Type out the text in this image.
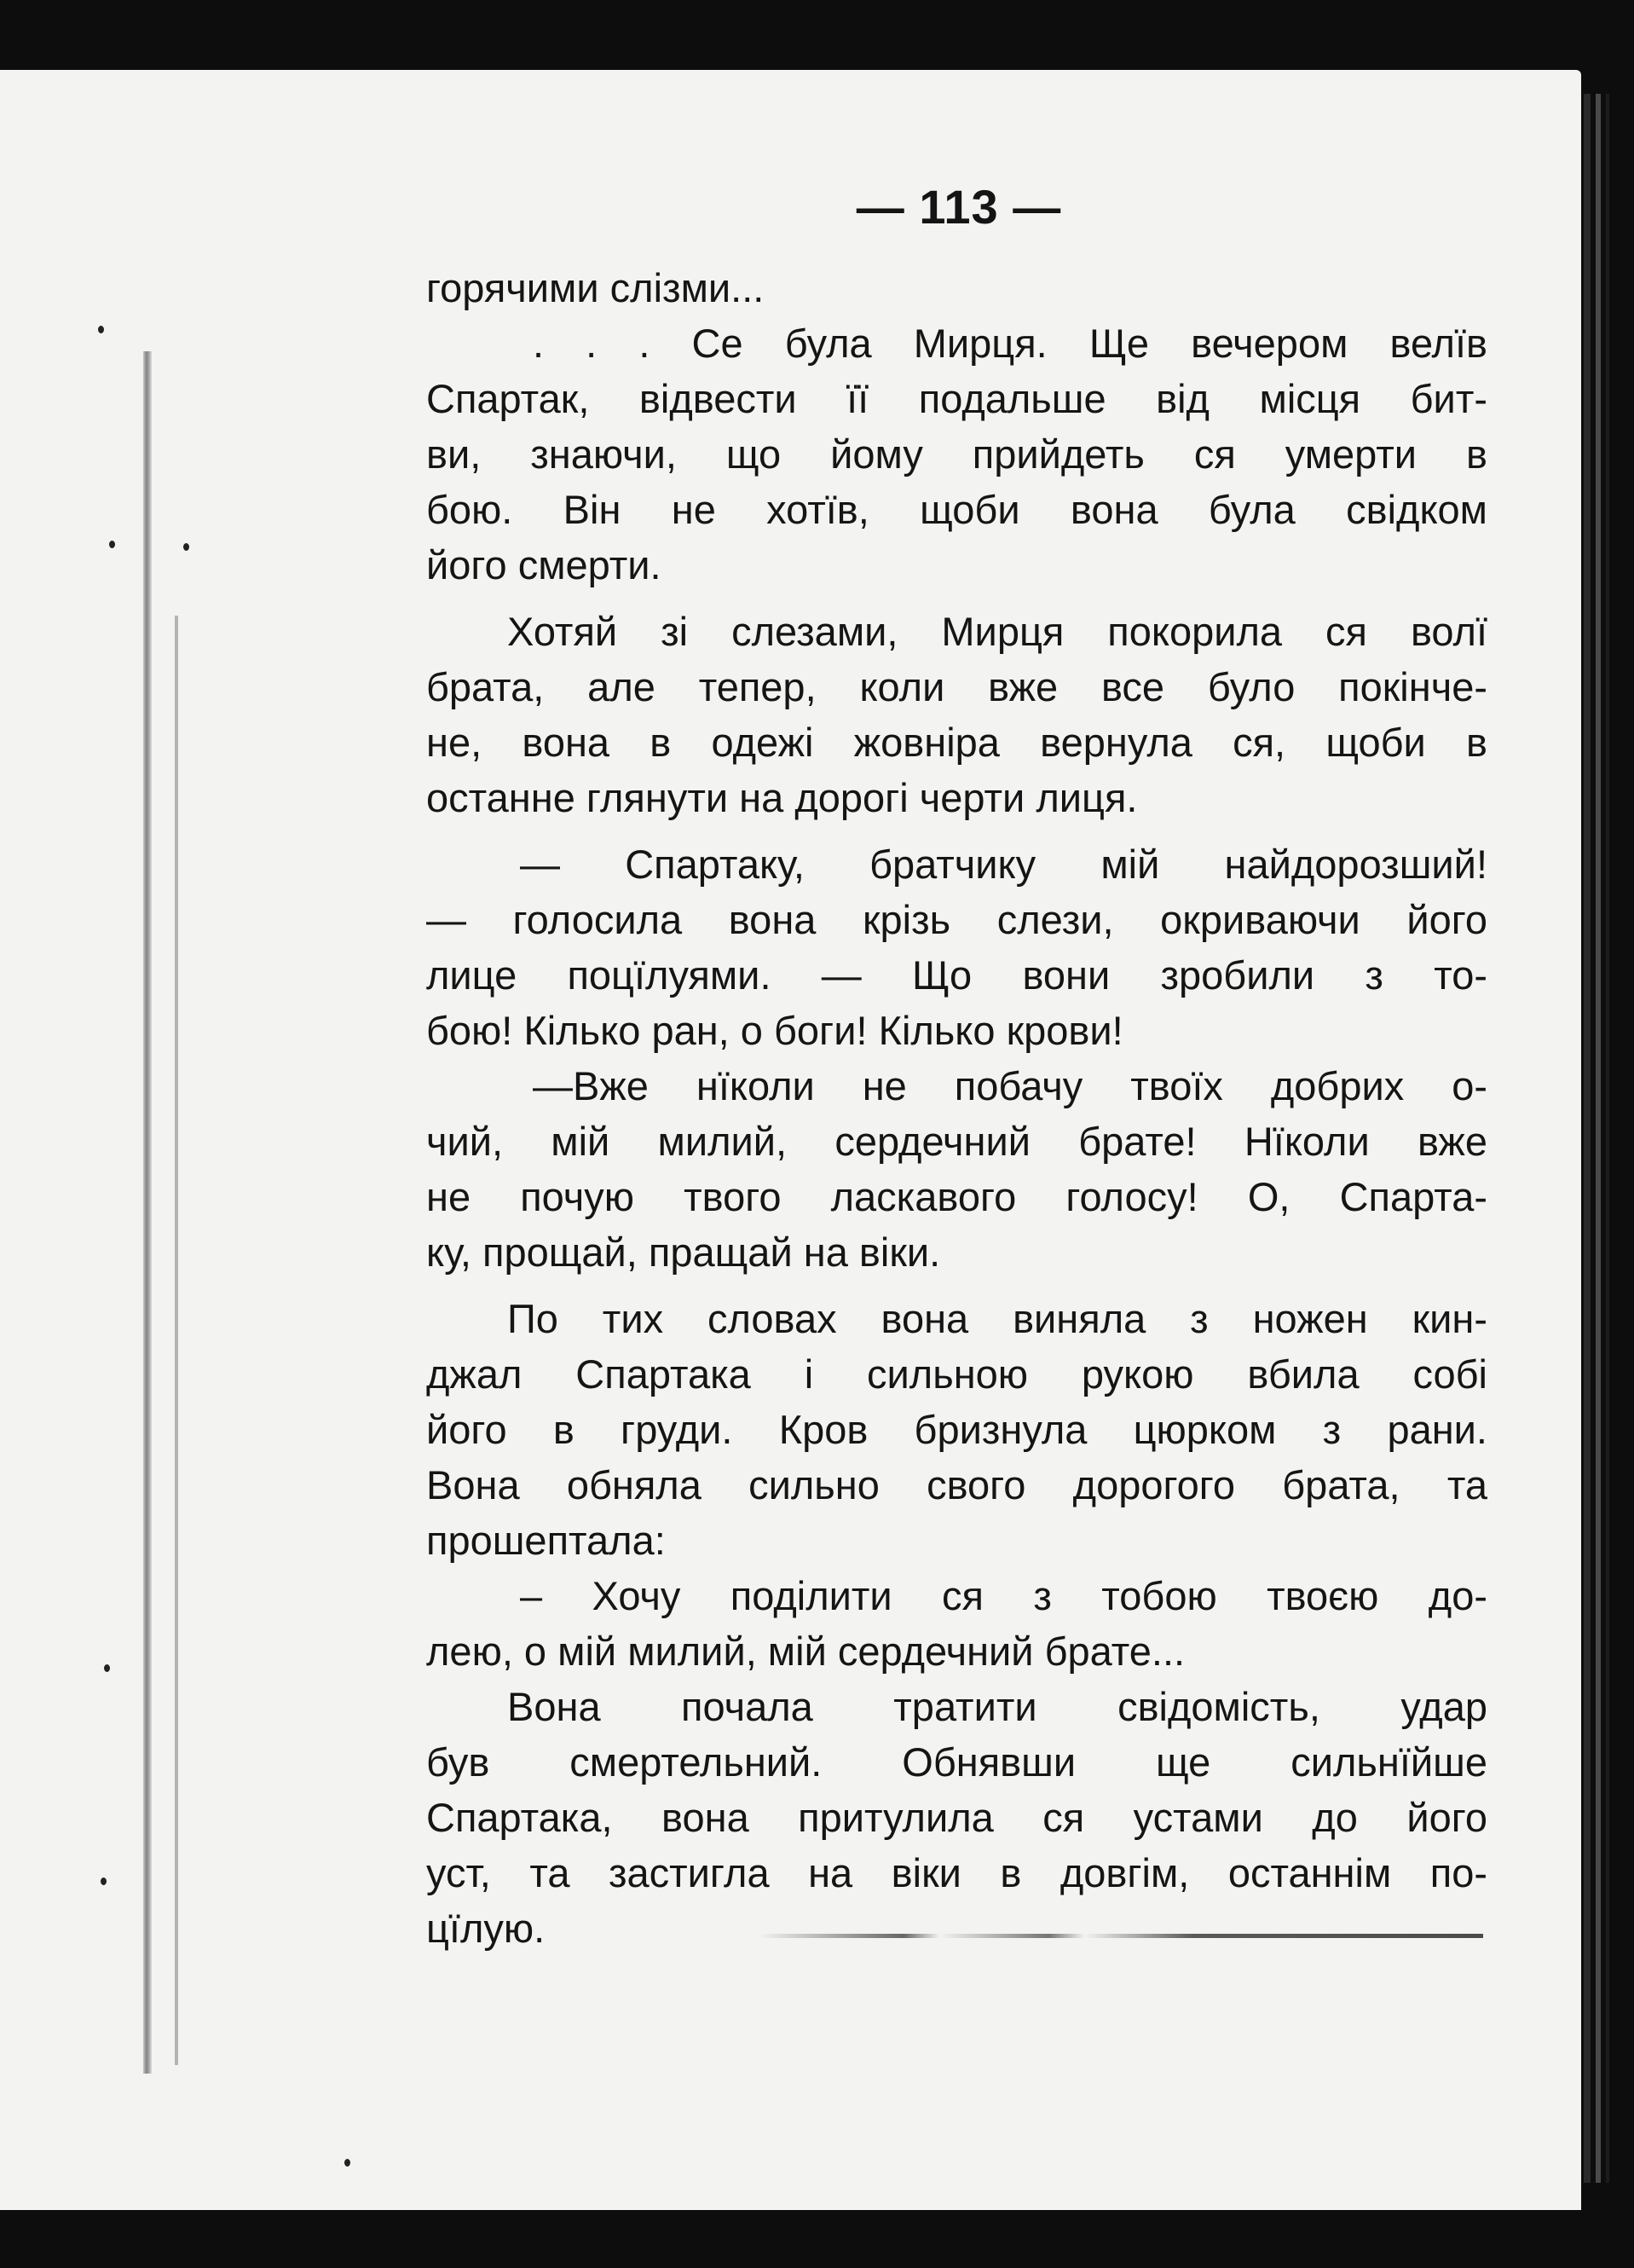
— 113 —
горячими слізми...
. . . Се була Мирця. Ще вечером велїв
Спартак, відвести її подальше від місця бит-
ви, знаючи, що йому прийдеть ся умерти в
бою. Він не хотїв, щоби вона була свідком
його смерти.
Хотяй зі слезами, Мирця покорила ся волї
брата, але тепер, коли вже все було покінче-
не, вона в одежі жовніра вернула ся, щоби в
останне глянути на дорогі черти лиця.
— Спартаку, братчику мій найдорозший!
— голосила вона крізь слези, окриваючи його
лице поцїлуями. — Що вони зробили з то-
бою! Кілько ран, о боги! Кілько крови!
—Вже нїколи не побачу твоїх добрих о-
чий, мій милий, сердечний брате! Нїколи вже
не почую твого ласкавого голосу! О, Спарта-
ку, прощай, пращай на віки.
По тих словах вона виняла з ножен кин-
джал Спартака і сильною рукою вбила собі
його в груди. Кров бризнула цюрком з рани.
Вона обняла сильно свого дорогого брата, та
прошептала:
– Хочу поділити ся з тобою твоєю до-
лею, о мій милий, мій сердечний брате...
Вона почала тратити свідомість, удар
був смертельний. Обнявши ще сильнїйше
Спартака, вона притулила ся устами до його
уст, та застигла на віки в довгім, останнім по-
цїлую.
